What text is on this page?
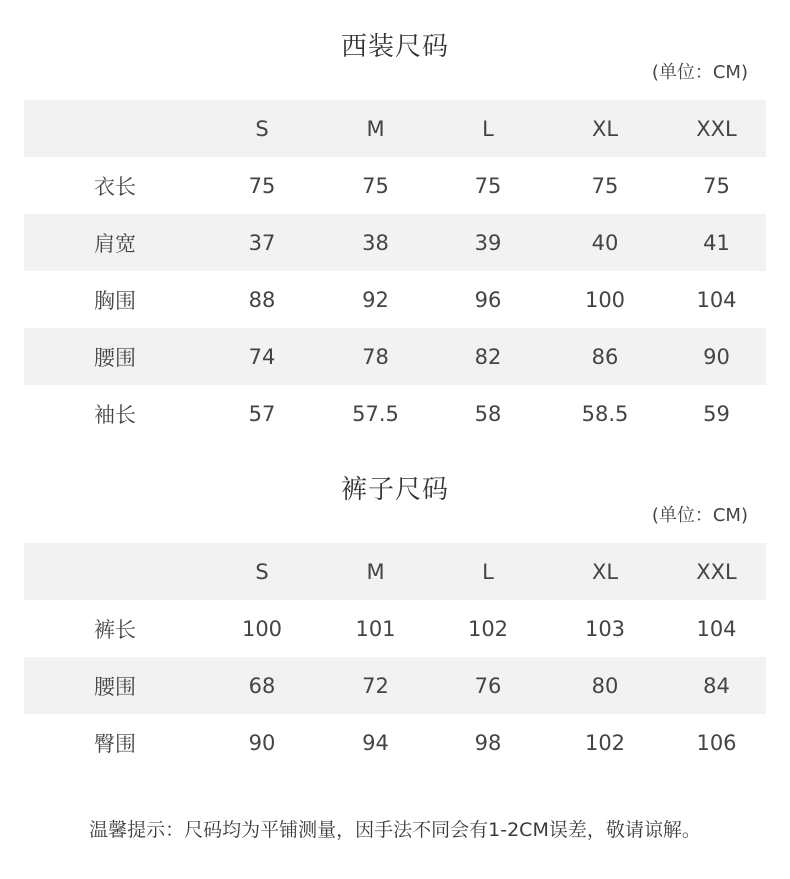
西装尺码
(单位：CM)
	S	M	L	XL	XXL
衣长	75	75	75	75	75
肩宽	37	38	39	40	41
胸围	88	92	96	100	104
腰围	74	78	82	86	90
袖长	57	57.5	58	58.5	59
裤子尺码
(单位：CM)
	S	M	L	XL	XXL
裤长	100	101	102	103	104
腰围	68	72	76	80	84
臀围	90	94	98	102	106
温馨提示：尺码均为平铺测量，因手法不同会有1-2CM误差，敬请谅解。
